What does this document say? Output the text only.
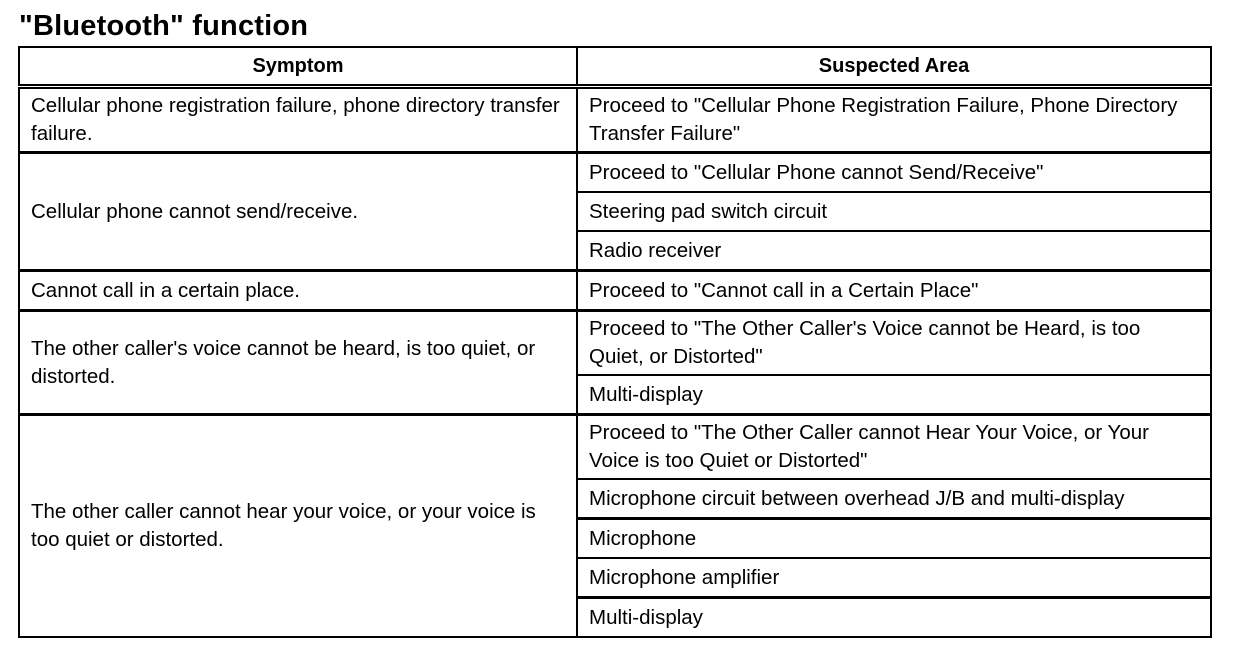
"Bluetooth" function
Symptom	Suspected Area
Cellular phone registration failure, phone directory transfer failure.	Proceed to "Cellular Phone Registration Failure, Phone Directory Transfer Failure"
Cellular phone cannot send/receive.	Proceed to "Cellular Phone cannot Send/Receive"
	Steering pad switch circuit
	Radio receiver
Cannot call in a certain place.	Proceed to "Cannot call in a Certain Place"
The other caller's voice cannot be heard, is too quiet, or distorted.	Proceed to "The Other Caller's Voice cannot be Heard, is too Quiet, or Distorted"
	Multi-display
The other caller cannot hear your voice, or your voice is too quiet or distorted.	Proceed to "The Other Caller cannot Hear Your Voice, or Your Voice is too Quiet or Distorted"
	Microphone circuit between overhead J/B and multi-display
	Microphone
	Microphone amplifier
	Multi-display
